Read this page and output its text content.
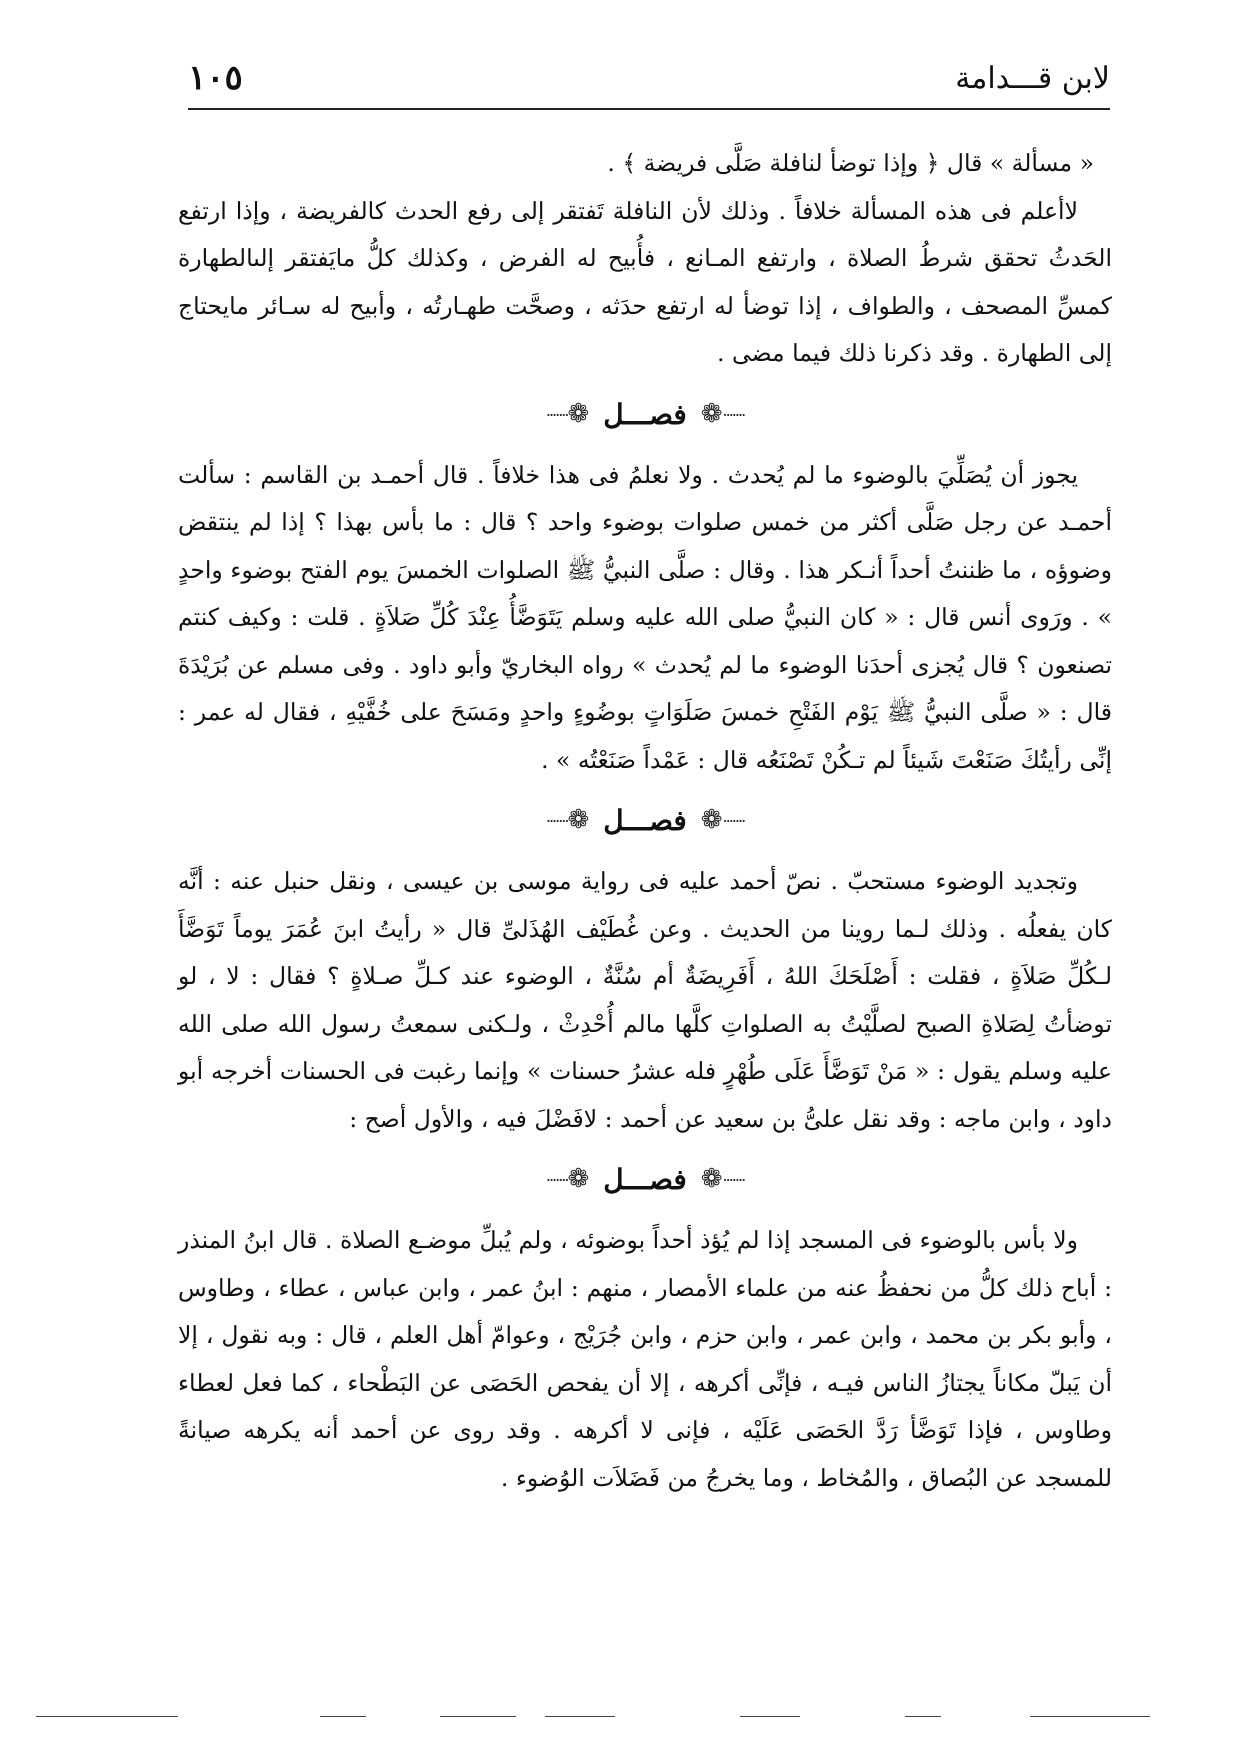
لابن قـــدامة
١٠٥

« مسألة » قال ﴿ وإذا توضأ لنافلة صَلَّى فريضة ﴾ .

لاأعلم فى هذه المسألة خلافاً . وذلك لأن النافلة تَفتقر إلى رفع الحدث كالفريضة ، وإذا ارتفع الحَدثُ تحقق شرطُ الصلاة ، وارتفع المـانع ، فأُبيح له الفرض ، وكذلك كلُّ مايَفتقر إلىالطهارة كمسِّ المصحف ، والطواف ، إذا توضأ له ارتفع حدَثه ، وصحَّت طهـارتُه ، وأبيح له سـائر مايحتاج إلى الطهارة . وقد ذكرنا ذلك فيما مضى .

·······❁
فصـــل
❁·······

يجوز أن يُصَلِّيَ بالوضوء ما لم يُحدث . ولا نعلمُ فى هذا خلافاً . قال أحمـد بن القاسم : سألت أحمـد عن رجل صَلَّى أكثر من خمس صلوات بوضوء واحد ؟ قال : ما بأس بهذا ؟ إذا لم ينتقض وضوؤه ، ما ظننتُ أحداً أنـكر هذا . وقال : صلَّى النبيُّ ﷺ الصلوات الخمسَ يوم الفتح بوضوء واحدٍ » . ورَوى أنس قال : « كان النبيُّ صلى الله عليه وسلم يَتَوَضَّأُ عِنْدَ كُلِّ صَلاَةٍ . قلت : وكيف كنتم تصنعون ؟ قال يُجزى أحدَنا الوضوء ما لم يُحدث » رواه البخاريّ وأبو داود . وفى مسلم عن بُرَيْدَةَ قال : « صلَّى النبيُّ ﷺ يَوْم الفَتْحِ خمسَ صَلَوَاتٍ بوضُوءٍ واحدٍ ومَسَحَ على خُفَّيْهِ ، فقال له عمر : إنِّى رأيتُكَ صَنَعْتَ شَيئاً لم تـكُنْ تَصْنَعُه قال : عَمْداً صَنَعْتُه » .

·······❁
فصـــل
❁·······

وتجديد الوضوء مستحبّ . نصّ أحمد عليه فى رواية موسى بن عيسى ، ونقل حنبل عنه : أنَّه كان يفعلُه . وذلك لـما روينا من الحديث . وعن غُطَيْف الهُذَلىِّ قال « رأيتُ ابنَ عُمَرَ يوماً تَوَضَّأَ لـكُلِّ صَلاَةٍ ، فقلت : أَصْلَحَكَ اللهُ ، أَفَرِيضَةٌ أم سُنَّةٌ ، الوضوء عند كـلِّ صـلاةٍ ؟ فقال : لا ، لو توضأتُ لِصَلاةِ الصبح لصلَّيْتُ به الصلواتِ كلَّها مالم أُحْدِثْ ، ولـكنى سمعتُ رسول الله صلى الله عليه وسلم يقول : « مَنْ تَوَضَّأَ عَلَى طُهْرٍ فله عشرُ حسنات » وإنما رغبت فى الحسنات أخرجه أبو داود ، وابن ماجه : وقد نقل علىُّ بن سعيد عن أحمد : لافَضْلَ فيه ، والأول أصح :

·······❁
فصـــل
❁·······

ولا بأس بالوضوء فى المسجد إذا لم يُؤذ أحداً بوضوئه ، ولم يُبلِّ موضـع الصلاة . قال ابنُ المنذر : أباح ذلك كلُّ من نحفظُ عنه من علماء الأمصار ، منهم : ابنُ عمر ، وابن عباس ، عطاء ، وطاوس ، وأبو بكر بن محمد ، وابن عمر ، وابن حزم ، وابن جُرَيْج ، وعوامّ أهل العلم ، قال : وبه نقول ، إلا أن يَبلّ مكاناً يجتازُ الناس فيـه ، فإنِّى أكرهه ، إلا أن يفحص الحَصَى عن البَطْحاء ، كما فعل لعطاء وطاوس ، فإذا تَوَضَّأ رَدَّ الحَصَى عَلَيْه ، فإنى لا أكرهه . وقد روى عن أحمد أنه يكرهه صيانةً للمسجد عن البُصاق ، والمُخاط ، وما يخرجُ من فَضَلاَت الوُضوء .
